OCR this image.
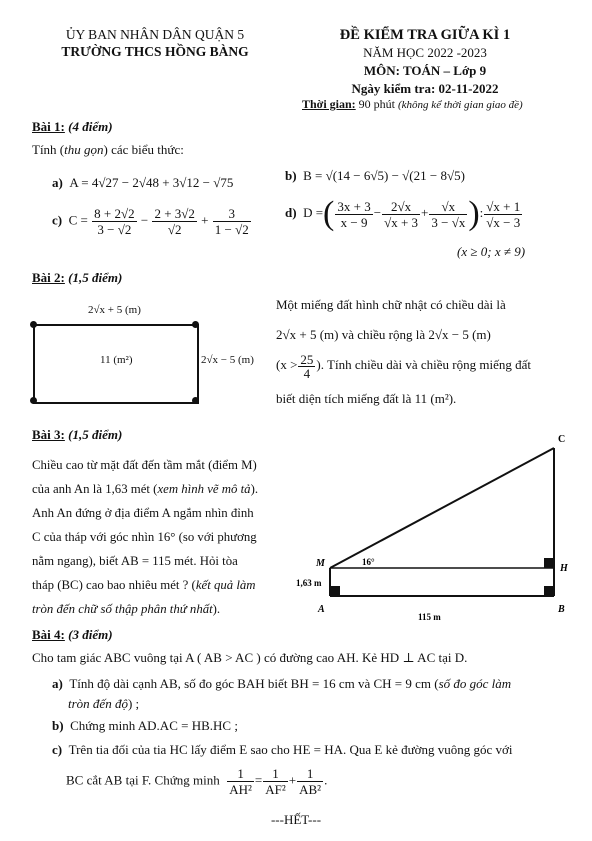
ỦY BAN NHÂN DÂN QUẬN 5
TRƯỜNG THCS HỒNG BÀNG
ĐỀ KIỂM TRA GIỮA KÌ 1
NĂM HỌC 2022 -2023
MÔN: TOÁN – Lớp 9
Ngày kiểm tra: 02-11-2022
Thời gian: 90 phút (không kể thời gian giao đề)
Bài 1: (4 điểm)
Tính (thu gọn) các biểu thức:
a) A = 4√27 − 2√48 + 3√12 − √75	b) B = √(14 − 6√5) − √(21 − 8√5)
c) $C = \frac{8 + 2√2}{3 - √2} - \frac{2 + 3√2}{√2} + \frac{3}{1 - √2}$	d) D =( $\frac{3x + 3}{x - 9} - \frac{2√x}{√x + 3} + \frac{√x}{3 - √x}$ ): $\frac{√x + 1}{√x - 3}$
(x ≥ 0; x ≠ 9)
Bài 2: (1,5 điểm)
2√x + 5 (m)
11 (m²)	2√x − 5 (m)
Một miếng đất hình chữ nhật có chiều dài là
2√x + 5 (m) và chiều rộng là 2√x − 5 (m)
($x > \frac{25}{4}$ ). Tính chiều dài và chiều rộng miếng đất
biết diện tích miếng đất là 11 (m²).
Bài 3: (1,5 điểm)
Chiều cao từ mặt đất đến tầm mắt (điểm M)
của anh An là 1,63 mét (xem hình vẽ mô tả).
Anh An đứng ở địa điểm A ngắm nhìn đỉnh
C của tháp với góc nhìn 16° (so với phương
nằm ngang), biết AB = 115 mét. Hỏi tòa
tháp (BC) cao bao nhiêu mét ? (kết quả làm
tròn đến chữ số thập phân thứ nhất).
C
M	H
A	B
16°
1,63 m
115 m
Bài 4: (3 điểm)
Cho tam giác ABC vuông tại A ( AB > AC ) có đường cao AH. Kẻ HD ⊥ AC tại D.
a) Tính độ dài cạnh AB, số đo góc BAH biết BH = 16 cm và CH = 9 cm (số đo góc làm
tròn đến độ) ;
b) Chứng minh AD.AC = HB.HC ;
c) Trên tia đối của tia HC lấy điểm E sao cho HE = HA. Qua E kẻ đường vuông góc với
BC cắt AB tại F. Chứng minh $\frac{1}{\text{AH²}} = \frac{1}{\text{AF²}} + \frac{1}{\text{AB²}}$ .
---HẾT---
